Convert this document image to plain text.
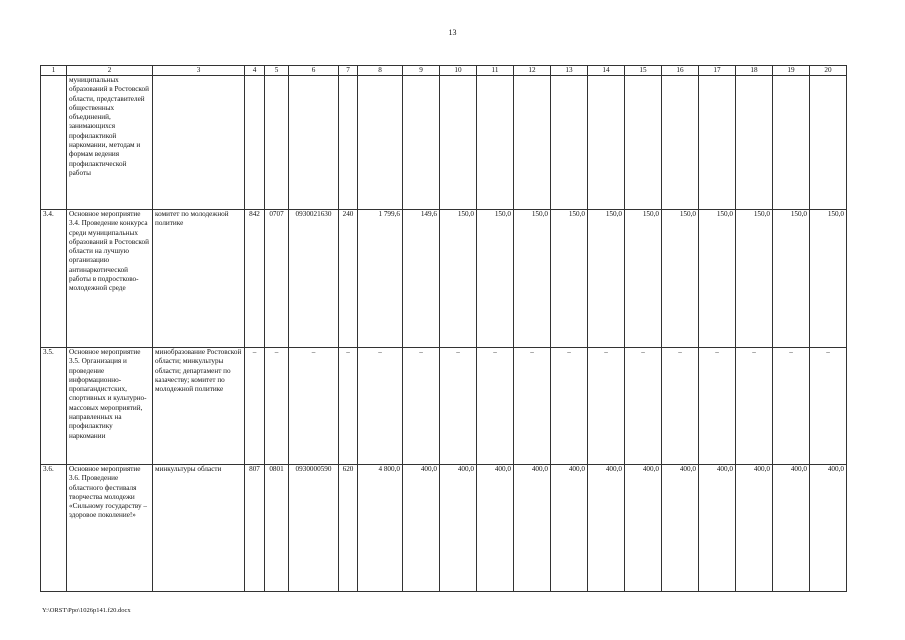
13
1	2	3	4	5	6	7	8	9	10	11	12	13	14	15	16	17	18	19	20
	муниципальных образований в Ростовской области, представителей общественных объединений, занимающихся профилактикой наркомании, методам и формам ведения профилактической работы																		
3.4.	Основное мероприятие 3.4. Проведение конкурса среди муниципальных образований в Ростовской области на лучшую организацию антинаркотической работы в подростково-молодежной среде	комитет по молодежной политике	842	0707	0930021630	240	1 799,6	149,6	150,0	150,0	150,0	150,0	150,0	150,0	150,0	150,0	150,0	150,0	150,0
3.5.	Основное мероприятие 3.5. Организация и проведение информационно-пропагандистских, спортивных и культурно-массовых мероприятий, направленных на профилактику наркомании	минобразование Ростовской области; минкультуры области; департамент по казачеству; комитет по молодежной политике	–	–	–	–	–	–	–	–	–	–	–	–	–	–	–	–	–
3.6.	Основное мероприятие 3.6. Проведение областного фестиваля творчества молодежи «Сильному государству – здоровое поколение!»	минкультуры области	807	0801	0930000590	620	4 800,0	400,0	400,0	400,0	400,0	400,0	400,0	400,0	400,0	400,0	400,0	400,0	400,0
Y:\ORST\Ppo\1026p141.f20.docx
